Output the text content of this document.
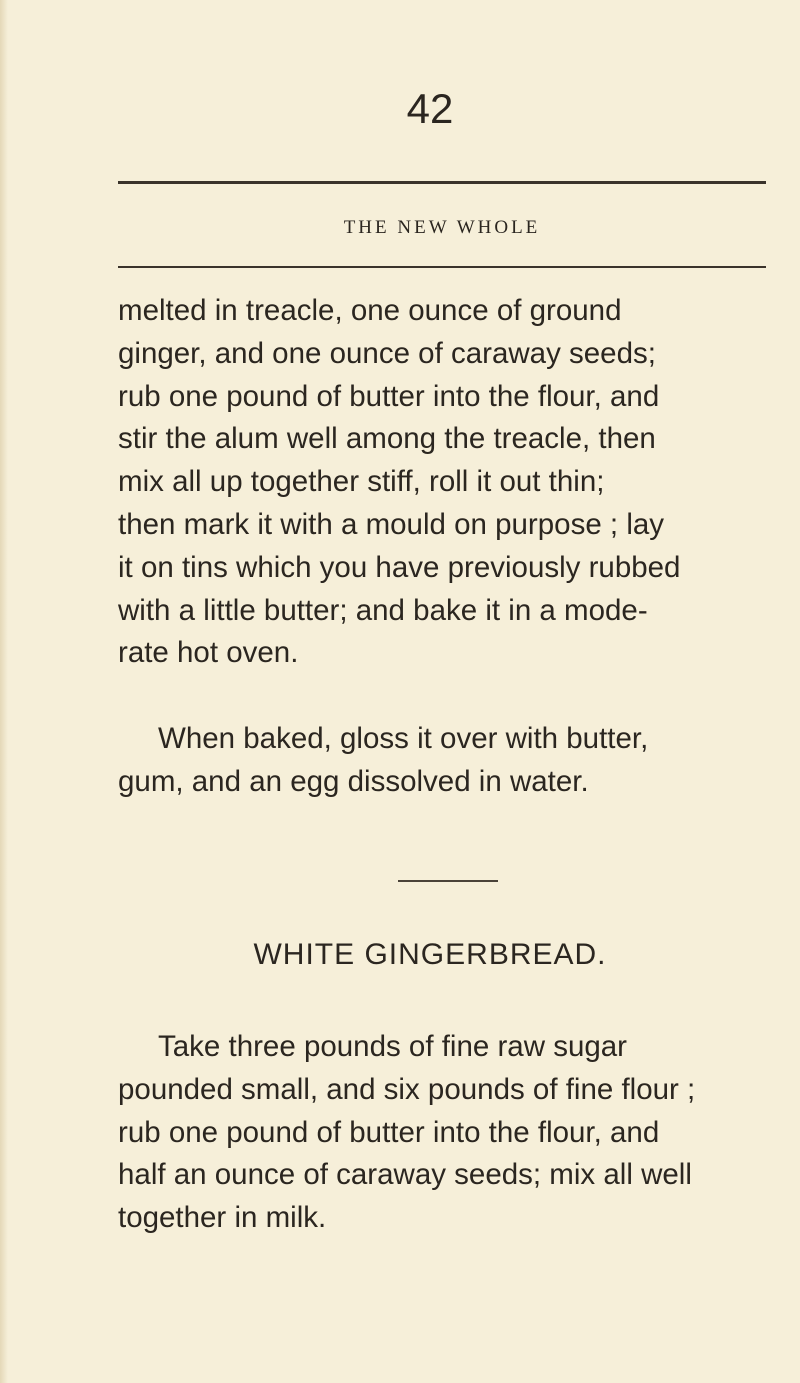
42
THE NEW WHOLE
melted in treacle, one ounce of ground
ginger, and one ounce of caraway seeds;
rub one pound of butter into the flour, and
stir the alum well among the treacle, then
mix all up together stiff, roll it out thin;
then mark it with a mould on purpose ; lay
it on tins which you have previously rubbed
with a little butter; and bake it in a mode-
rate hot oven.
When baked, gloss it over with butter,
gum, and an egg dissolved in water.
WHITE GINGERBREAD.
Take three pounds of fine raw sugar
pounded small, and six pounds of fine flour ;
rub one pound of butter into the flour, and
half an ounce of caraway seeds; mix all well
together in milk.
